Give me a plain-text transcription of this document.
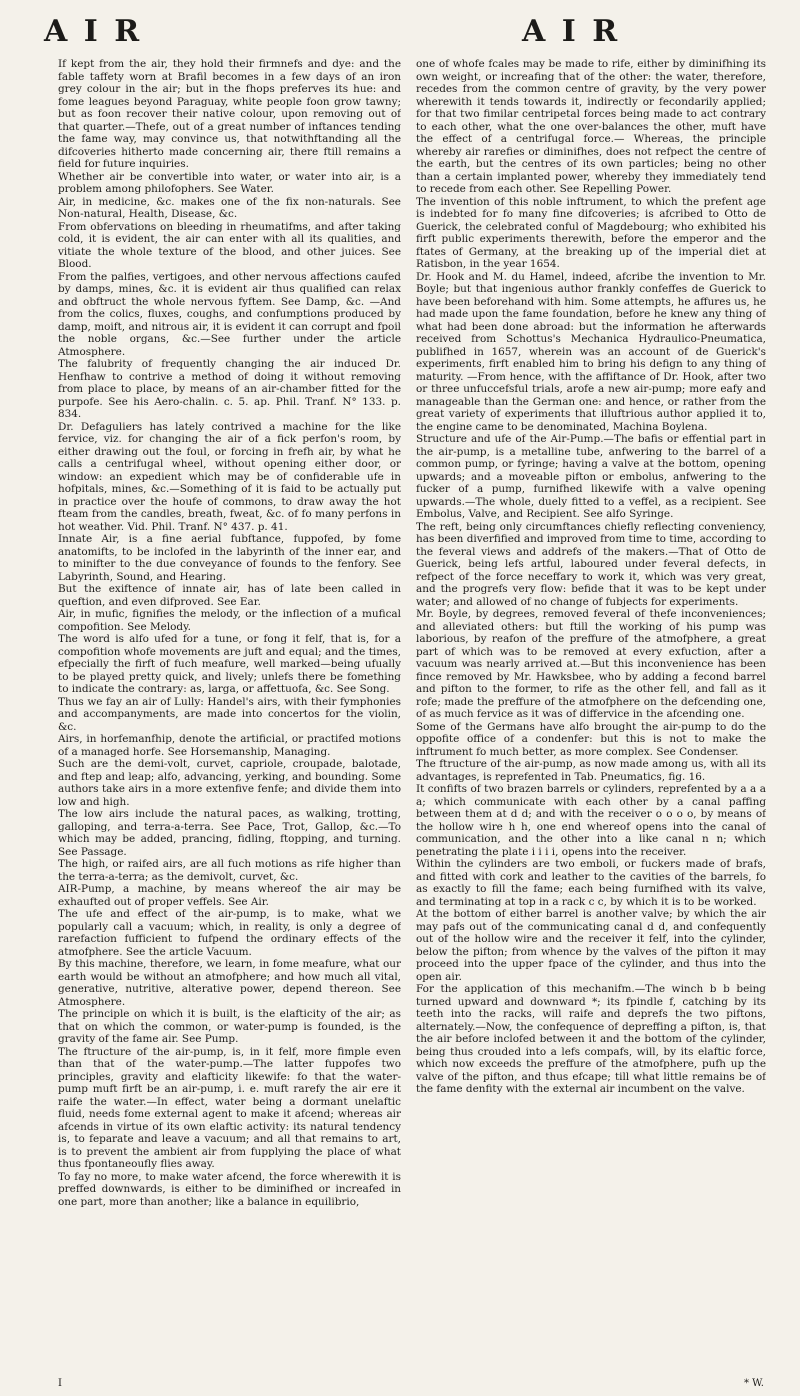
A I R	A I R

If kept from the air, they hold their firmnefs and dye: and the fable taffety worn at Brafil becomes in a few days of an iron grey colour in the air; but in the fhops preferves its hue: and fome leagues beyond Paraguay, white people foon grow tawny; but as foon recover their native colour, upon removing out of that quarter.—Thefe, out of a great number of inftances tending the fame way, may convince us, that notwithftanding all the difcoveries hitherto made concerning air, there ftill remains a field for future inquiries.

Whether air be convertible into water, or water into air, is a problem among philofophers. See Water.

Air, in medicine, &c. makes one of the fix non-naturals. See Non-natural, Health, Disease, &c.

From obfervations on bleeding in rheumatifms, and after taking cold, it is evident, the air can enter with all its qualities, and vitiate the whole texture of the blood, and other juices. See Blood.

From the palfies, vertigoes, and other nervous affections caufed by damps, mines, &c. it is evident air thus qualified can relax and obftruct the whole nervous fyftem. See Damp, &c. —And from the colics, fluxes, coughs, and confumptions produced by damp, moift, and nitrous air, it is evident it can corrupt and fpoil the noble organs, &c.—See further under the article Atmosphere.

The falubrity of frequently changing the air induced Dr. Henfhaw to contrive a method of doing it without removing from place to place, by means of an air-chamber fitted for the purpofe. See his Aero-chalin. c. 5. ap. Phil. Tranf. N° 133. p. 834.

Dr. Defaguliers has lately contrived a machine for the like fervice, viz. for changing the air of a fick perfon's room, by either drawing out the foul, or forcing in frefh air, by what he calls a centrifugal wheel, without opening either door, or window: an expedient which may be of confiderable ufe in hofpitals, mines, &c.—Something of it is faid to be actually put in practice over the houfe of commons, to draw away the hot fteam from the candles, breath, fweat, &c. of fo many perfons in hot weather. Vid. Phil. Tranf. N° 437. p. 41.

Innate Air, is a fine aerial fubftance, fuppofed, by fome anatomifts, to be inclofed in the labyrinth of the inner ear, and to minifter to the due conveyance of founds to the fenfory. See Labyrinth, Sound, and Hearing.

But the exiftence of innate air, has of late been called in queftion, and even difproved. See Ear.

Air, in mufic, fignifies the melody, or the inflection of a mufical compofition. See Melody.

The word is alfo ufed for a tune, or fong it felf, that is, for a compofition whofe movements are juft and equal; and the times, efpecially the firft of fuch meafure, well marked—being ufually to be played pretty quick, and lively; unlefs there be fomething to indicate the contrary: as, larga, or affettuofa, &c. See Song.

Thus we fay an air of Lully: Handel's airs, with their fymphonies and accompanyments, are made into concertos for the violin, &c.

Airs, in horfemanfhip, denote the artificial, or practifed motions of a managed horfe. See Horsemanship, Managing.

Such are the demi-volt, curvet, capriole, croupade, balotade, and ftep and leap; alfo, advancing, yerking, and bounding. Some authors take airs in a more extenfive fenfe; and divide them into low and high.

The low airs include the natural paces, as walking, trotting, galloping, and terra-a-terra. See Pace, Trot, Gallop, &c.—To which may be added, prancing, fidling, ftopping, and turning. See Passage.

The high, or raifed airs, are all fuch motions as rife higher than the terra-a-terra; as the demivolt, curvet, &c.

AIR-Pump, a machine, by means whereof the air may be exhaufted out of proper veffels. See Air.

The ufe and effect of the air-pump, is to make, what we popularly call a vacuum; which, in reality, is only a degree of rarefaction fufficient to fufpend the ordinary effects of the atmofphere. See the article Vacuum.

By this machine, therefore, we learn, in fome meafure, what our earth would be without an atmofphere; and how much all vital, generative, nutritive, alterative power, depend thereon. See Atmosphere.

The principle on which it is built, is the elafticity of the air; as that on which the common, or water-pump is founded, is the gravity of the fame air. See Pump.

The ftructure of the air-pump, is, in it felf, more fimple even than that of the water-pump.—The latter fuppofes two principles, gravity and elafticity likewife: fo that the water-pump muft firft be an air-pump, i. e. muft rarefy the air ere it raife the water.—In effect, water being a dormant unelaftic fluid, needs fome external agent to make it afcend; whereas air afcends in virtue of its own elaftic activity: its natural tendency is, to feparate and leave a vacuum; and all that remains to art, is to prevent the ambient air from fupplying the place of what thus fpontaneoufly flies away.

To fay no more, to make water afcend, the force wherewith it is preffed downwards, is either to be diminifhed or increafed in one part, more than another; like a balance in equilibrio,

one of whofe fcales may be made to rife, either by diminifhing its own weight, or increafing that of the other: the water, therefore, recedes from the common centre of gravity, by the very power wherewith it tends towards it, indirectly or fecondarily applied; for that two fimilar centripetal forces being made to act contrary to each other, what the one over-balances the other, muft have the effect of a centrifugal force.— Whereas, the principle whereby air rarefies or diminifhes, does not refpect the centre of the earth, but the centres of its own particles; being no other than a certain implanted power, whereby they immediately tend to recede from each other. See Repelling Power.

The invention of this noble inftrument, to which the prefent age is indebted for fo many fine difcoveries; is afcribed to Otto de Guerick, the celebrated conful of Magdebourg; who exhibited his firft public experiments therewith, before the emperor and the ftates of Germany, at the breaking up of the imperial diet at Ratisbon, in the year 1654.

Dr. Hook and M. du Hamel, indeed, afcribe the invention to Mr. Boyle; but that ingenious author frankly confeffes de Guerick to have been beforehand with him. Some attempts, he affures us, he had made upon the fame foundation, before he knew any thing of what had been done abroad: but the information he afterwards received from Schottus's Mechanica Hydraulico-Pneumatica, publifhed in 1657, wherein was an account of de Guerick's experiments, firft enabled him to bring his defign to any thing of maturity. —From hence, with the affiftance of Dr. Hook, after two or three unfuccefsful trials, arofe a new air-pump; more eafy and manageable than the German one: and hence, or rather from the great variety of experiments that illuftrious author applied it to, the engine came to be denominated, Machina Boylena.

Structure and ufe of the Air-Pump.—The bafis or effential part in the air-pump, is a metalline tube, anfwering to the barrel of a common pump, or fyringe; having a valve at the bottom, opening upwards; and a moveable pifton or embolus, anfwering to the fucker of a pump, furnifhed likewife with a valve opening upwards.—The whole, duely fitted to a veffel, as a recipient. See Embolus, Valve, and Recipient. See alfo Syringe.

The reft, being only circumftances chiefly reflecting conveniency, has been diverfified and improved from time to time, according to the feveral views and addrefs of the makers.—That of Otto de Guerick, being lefs artful, laboured under feveral defects, in refpect of the force neceffary to work it, which was very great, and the progrefs very flow: befide that it was to be kept under water; and allowed of no change of fubjects for experiments.

Mr. Boyle, by degrees, removed feveral of thefe inconveniences; and alleviated others: but ftill the working of his pump was laborious, by reafon of the preffure of the atmofphere, a great part of which was to be removed at every exfuction, after a vacuum was nearly arrived at.—But this inconvenience has been fince removed by Mr. Hawksbee, who by adding a fecond barrel and pifton to the former, to rife as the other fell, and fall as it rofe; made the preffure of the atmofphere on the defcending one, of as much fervice as it was of differvice in the afcending one.

Some of the Germans have alfo brought the air-pump to do the oppofite office of a condenfer: but this is not to make the inftrument fo much better, as more complex. See Condenser.

The ftructure of the air-pump, as now made among us, with all its advantages, is reprefented in Tab. Pneumatics, fig. 16.

It confifts of two brazen barrels or cylinders, reprefented by a a a a; which communicate with each other by a canal paffing between them at d d; and with the receiver o o o o, by means of the hollow wire h h, one end whereof opens into the canal of communication, and the other into a like canal n n; which penetrating the plate i i i i, opens into the receiver.

Within the cylinders are two emboli, or fuckers made of brafs, and fitted with cork and leather to the cavities of the barrels, fo as exactly to fill the fame; each being furnifhed with its valve, and terminating at top in a rack c c, by which it is to be worked.

At the bottom of either barrel is another valve; by which the air may pafs out of the communicating canal d d, and confequently out of the hollow wire and the receiver it felf, into the cylinder, below the pifton; from whence by the valves of the pifton it may proceed into the upper fpace of the cylinder, and thus into the open air.

For the application of this mechanifm.—The winch b b being turned upward and downward *; its fpindle f, catching by its teeth into the racks, will raife and deprefs the two piftons, alternately.—Now, the confequence of depreffing a pifton, is, that the air before inclofed between it and the bottom of the cylinder, being thus crouded into a lefs compafs, will, by its elaftic force, which now exceeds the preffure of the atmofphere, pufh up the valve of the pifton, and thus efcape; till what little remains be of the fame denfity with the external air incumbent on the valve.

I	* W.
